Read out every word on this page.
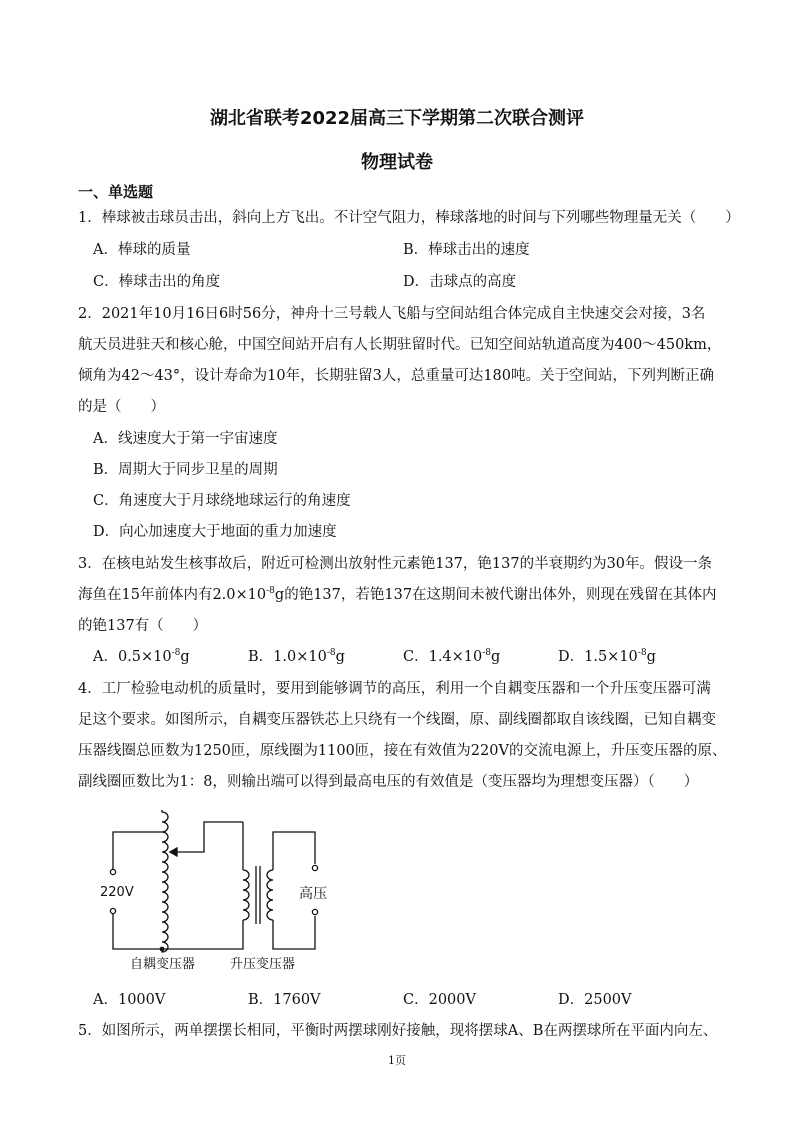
湖北省联考2022届高三下学期第二次联合测评
物理试卷
一、单选题
1．棒球被击球员击出，斜向上方飞出。不计空气阻力，棒球落地的时间与下列哪些物理量无关（　　）
A．棒球的质量	B．棒球击出的速度
C．棒球击出的角度	D．击球点的高度
2．2021年10月16日6时56分，神舟十三号载人飞船与空间站组合体完成自主快速交会对接，3名
航天员进驻天和核心舱，中国空间站开启有人长期驻留时代。已知空间站轨道高度为400～450km，
倾角为42～43°，设计寿命为10年，长期驻留3人，总重量可达180吨。关于空间站，下列判断正确
的是（　　）
A．线速度大于第一宇宙速度
B．周期大于同步卫星的周期
C．角速度大于月球绕地球运行的角速度
D．向心加速度大于地面的重力加速度
3．在核电站发生核事故后，附近可检测出放射性元素铯137，铯137的半衰期约为30年。假设一条
海鱼在15年前体内有$2.0\times 10^{-8}g$的铯137，若铯137在这期间未被代谢出体外，则现在残留在其体内
的铯137有（　　）
A．$0.5\times 10^{-8}g$	B．$1.0\times 10^{-8}g$	C．$1.4\times 10^{-8}g$	D．$1.5\times 10^{-8}g$
4．工厂检验电动机的质量时，要用到能够调节的高压，利用一个自耦变压器和一个升压变压器可满
足这个要求。如图所示，自耦变压器铁芯上只绕有一个线圈，原、副线圈都取自该线圈，已知自耦变
压器线圈总匝数为1250匝，原线圈为1100匝，接在有效值为220V的交流电源上，升压变压器的原、
副线圈匝数比为1：8，则输出端可以得到最高电压的有效值是（变压器均为理想变压器）（　　）
220V	高压
自耦变压器	升压变压器
A．1000V	B．1760V	C．2000V	D．2500V
5．如图所示，两单摆摆长相同，平衡时两摆球刚好接触，现将摆球A、B在两摆球所在平面内向左、
1页
